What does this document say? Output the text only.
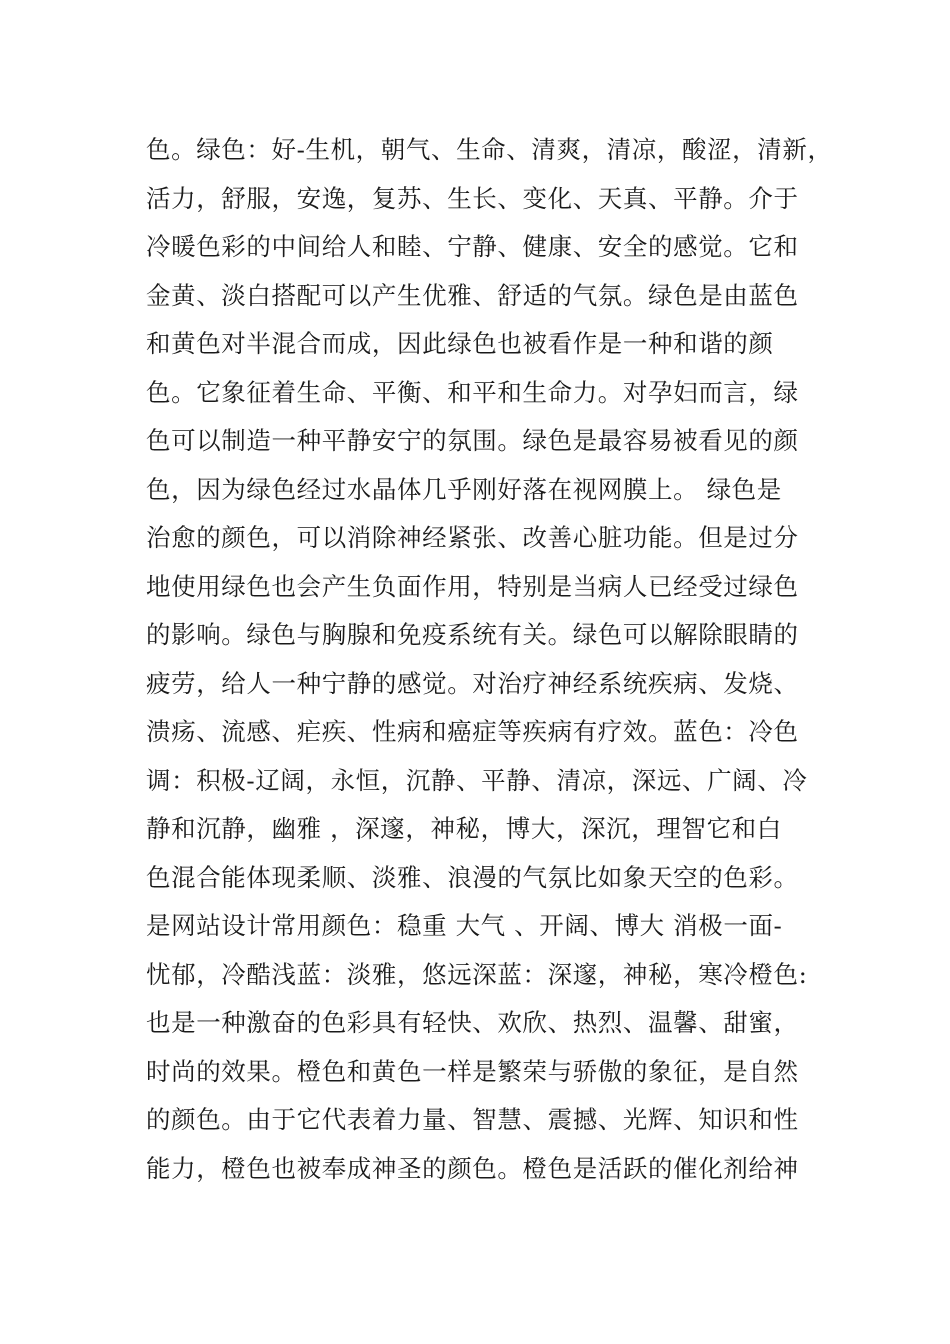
色。绿色：好-生机，朝气、生命、清爽，清凉，酸涩，清新，
活力，舒服，安逸，复苏、生长、变化、天真、平静。介于
冷暖色彩的中间给人和睦、宁静、健康、安全的感觉。它和
金黄、淡白搭配可以产生优雅、舒适的气氛。绿色是由蓝色
和黄色对半混合而成，因此绿色也被看作是一种和谐的颜
色。它象征着生命、平衡、和平和生命力。对孕妇而言，绿
色可以制造一种平静安宁的氛围。绿色是最容易被看见的颜
色，因为绿色经过水晶体几乎刚好落在视网膜上。 绿色是
治愈的颜色，可以消除神经紧张、改善心脏功能。但是过分
地使用绿色也会产生负面作用，特别是当病人已经受过绿色
的影响。绿色与胸腺和免疫系统有关。绿色可以解除眼睛的
疲劳，给人一种宁静的感觉。对治疗神经系统疾病、发烧、
溃疡、流感、疟疾、性病和癌症等疾病有疗效。蓝色：冷色
调：积极-辽阔，永恒，沉静、平静、清凉，深远、广阔、冷
静和沉静，幽雅 ，深邃，神秘，博大，深沉，理智它和白
色混合能体现柔顺、淡雅、浪漫的气氛比如象天空的色彩。
是网站设计常用颜色：稳重 大气 、开阔、博大 消极一面-
忧郁，冷酷浅蓝：淡雅，悠远深蓝：深邃，神秘，寒冷橙色:
也是一种激奋的色彩具有轻快、欢欣、热烈、温馨、甜蜜，
时尚的效果。橙色和黄色一样是繁荣与骄傲的象征，是自然
的颜色。由于它代表着力量、智慧、震撼、光辉、知识和性
能力，橙色也被奉成神圣的颜色。橙色是活跃的催化剂给神
